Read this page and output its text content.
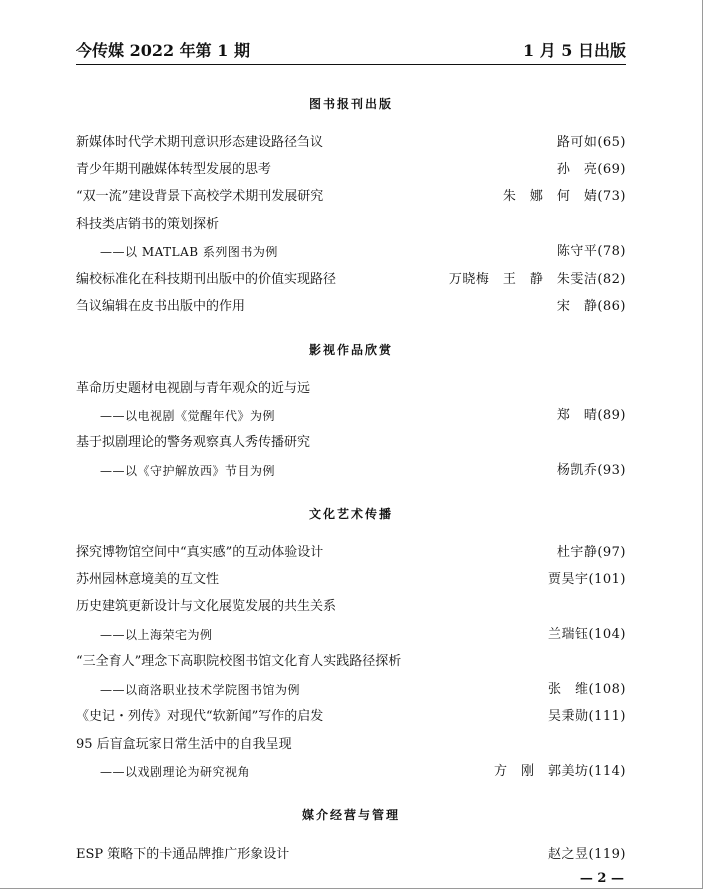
今传媒 2022 年第 1 期	1 月 5 日出版
图书报刊出版
新媒体时代学术期刊意识形态建设路径刍议	路可如(65)
青少年期刊融媒体转型发展的思考	孙　亮(69)
“双一流”建设背景下高校学术期刊发展研究	朱　娜　何　婧(73)
科技类店销书的策划探析
——以 MATLAB 系列图书为例	陈守平(78)
编校标准化在科技期刊出版中的价值实现路径	万晓梅　王　静　朱雯洁(82)
刍议编辑在皮书出版中的作用	宋　静(86)
影视作品欣赏
革命历史题材电视剧与青年观众的近与远
——以电视剧《觉醒年代》为例	郑　晴(89)
基于拟剧理论的警务观察真人秀传播研究
——以《守护解放西》节目为例	杨凯乔(93)
文化艺术传播
探究博物馆空间中“真实感”的互动体验设计	杜宇静(97)
苏州园林意境美的互文性	贾昊宇(101)
历史建筑更新设计与文化展览发展的共生关系
——以上海荣宅为例	兰瑞钰(104)
“三全育人”理念下高职院校图书馆文化育人实践路径探析
——以商洛职业技术学院图书馆为例	张　维(108)
《史记・列传》对现代“软新闻”写作的启发	吴秉勋(111)
95 后盲盒玩家日常生活中的自我呈现
——以戏剧理论为研究视角	方　刚　郭美坊(114)
媒介经营与管理
ESP 策略下的卡通品牌推广形象设计	赵之昱(119)
— 2 —
